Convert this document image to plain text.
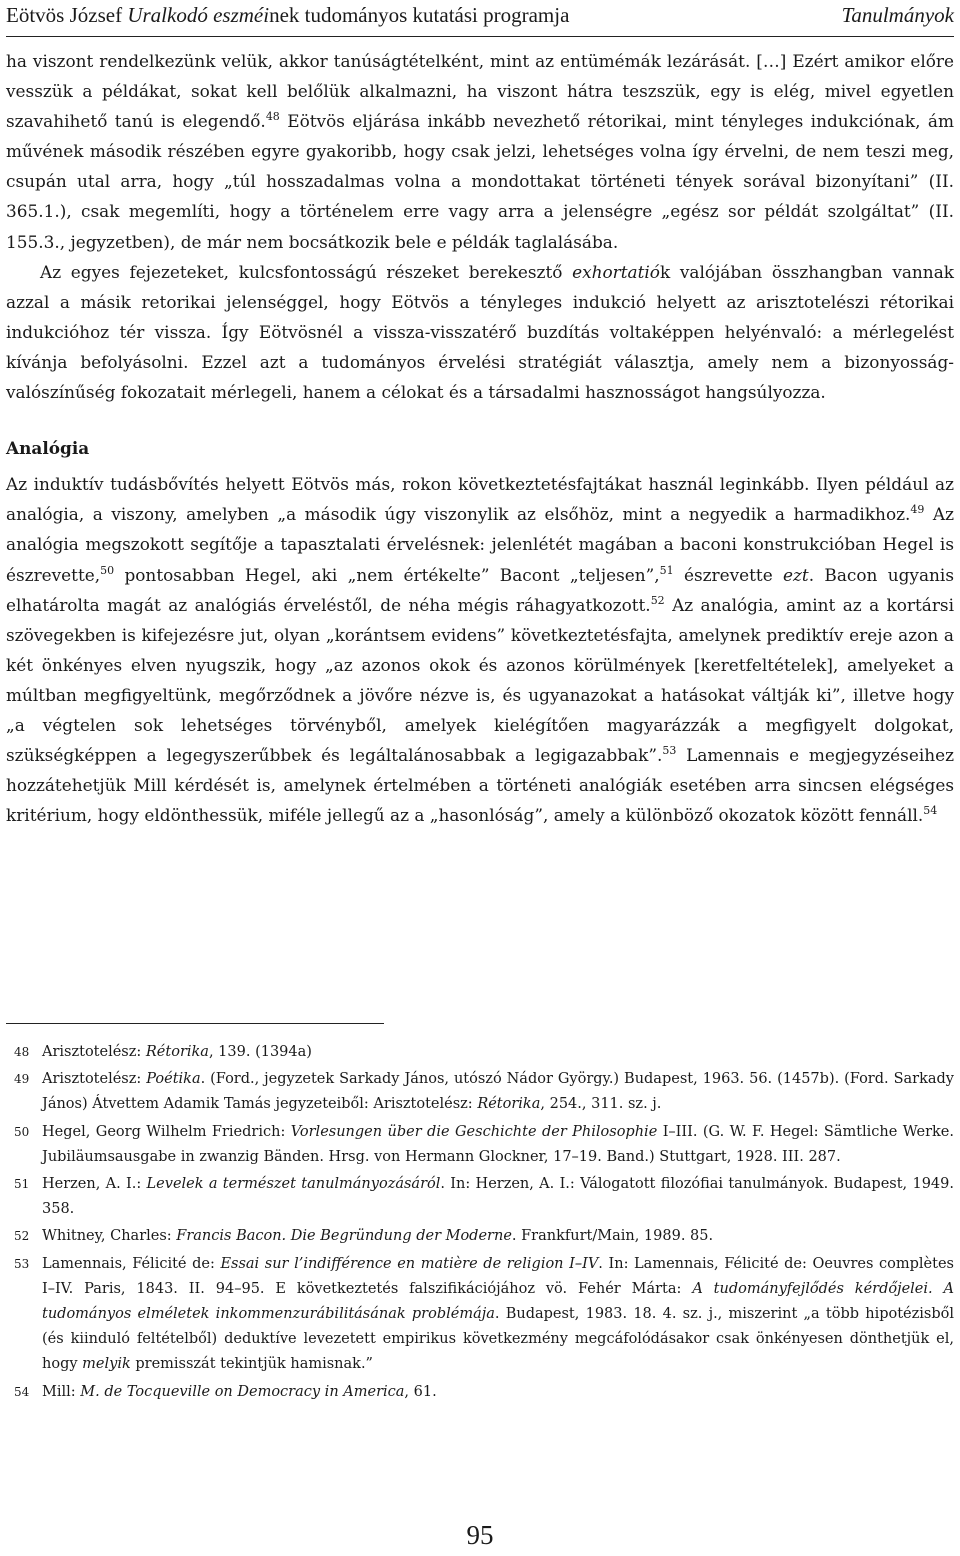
Eötvös József Uralkodó eszméinek tudományos kutatási programja	Tanulmányok

ha viszont rendelkezünk velük, akkor tanúságtételként, mint az entümémák lezárását. […] Ezért amikor előre vesszük a példákat, sokat kell belőlük alkalmazni, ha viszont hátra teszszük, egy is elég, mivel egyetlen szavahihető tanú is elegendő.$^{48}$ Eötvös eljárása inkább nevezhető rétorikai, mint tényleges indukciónak, ám művének második részében egyre gyakoribb, hogy csak jelzi, lehetséges volna így érvelni, de nem teszi meg, csupán utal arra, hogy „túl hosszadalmas volna a mondottakat történeti tények sorával bizonyítani” (II. 365.1.), csak megemlíti, hogy a történelem erre vagy arra a jelenségre „egész sor példát szolgáltat” (II. 155.3., jegyzetben), de már nem bocsátkozik bele e példák taglalásába.

Az egyes fejezeteket, kulcsfontosságú részeket berekesztő exhortatiók valójában összhangban vannak azzal a másik retorikai jelenséggel, hogy Eötvös a tényleges indukció helyett az arisztotelészi rétorikai indukcióhoz tér vissza. Így Eötvösnél a vissza-visszatérő buzdítás voltaképpen helyénvaló: a mérlegelést kívánja befolyásolni. Ezzel azt a tudományos érvelési stratégiát választja, amely nem a bizonyosság-valószínűség fokozatait mérlegeli, hanem a célokat és a társadalmi hasznosságot hangsúlyozza.

Analógia

Az induktív tudásbővítés helyett Eötvös más, rokon következtetésfajtákat használ leginkább. Ilyen például az analógia, a viszony, amelyben „a második úgy viszonylik az elsőhöz, mint a negyedik a harmadikhoz.$^{49}$ Az analógia megszokott segítője a tapasztalati érvelésnek: jelenlétét magában a baconi konstrukcióban Hegel is észrevette,$^{50}$ pontosabban Hegel, aki „nem értékelte” Bacont „teljesen”,$^{51}$ észrevette ezt. Bacon ugyanis elhatárolta magát az analógiás érveléstől, de néha mégis ráhagyatkozott.$^{52}$ Az analógia, amint az a kortársi szövegekben is kifejezésre jut, olyan „korántsem evidens” következtetésfajta, amelynek prediktív ereje azon a két önkényes elven nyugszik, hogy „az azonos okok és azonos körülmények [keretfeltételek], amelyeket a múltban megfigyeltünk, megőrződnek a jövőre nézve is, és ugyanazokat a hatásokat váltják ki”, illetve hogy „a végtelen sok lehetséges törvényből, amelyek kielégítően magyarázzák a megfigyelt dolgokat, szükségképpen a legegyszerűbbek és legáltalánosabbak a legigazabbak”.$^{53}$ Lamennais e megjegyzéseihez hozzátehetjük Mill kérdését is, amelynek értelmében a történeti analógiák esetében arra sincsen elégséges kritérium, hogy eldönthessük, miféle jellegű az a „hasonlóság”, amely a különböző okozatok között fennáll.$^{54}$

48 Arisztotelész: Rétorika, 139. (1394a)
49 Arisztotelész: Poétika. (Ford., jegyzetek Sarkady János, utószó Nádor György.) Budapest, 1963. 56. (1457b). (Ford. Sarkady János) Átvettem Adamik Tamás jegyzeteiből: Arisztotelész: Rétorika, 254., 311. sz. j.
50 Hegel, Georg Wilhelm Friedrich: Vorlesungen über die Geschichte der Philosophie I–III. (G. W. F. Hegel: Sämtliche Werke. Jubiläumsausgabe in zwanzig Bänden. Hrsg. von Hermann Glockner, 17–19. Band.) Stuttgart, 1928. III. 287.
51 Herzen, A. I.: Levelek a természet tanulmányozásáról. In: Herzen, A. I.: Válogatott filozófiai tanulmányok. Budapest, 1949. 358.
52 Whitney, Charles: Francis Bacon. Die Begründung der Moderne. Frankfurt/Main, 1989. 85.
53 Lamennais, Félicité de: Essai sur l’indifférence en matière de religion I–IV. In: Lamennais, Félicité de: Oeuvres complètes I–IV. Paris, 1843. II. 94–95. E következtetés falszifikációjához vö. Fehér Márta: A tudományfejlődés kérdőjelei. A tudományos elméletek inkommenzurábilitásának problémája. Budapest, 1983. 18. 4. sz. j., miszerint „a több hipotézisből (és kiinduló feltételből) deduktíve levezetett empirikus következmény megcáfolódásakor csak önkényesen dönthetjük el, hogy melyik premisszát tekintjük hamisnak.”
54 Mill: M. de Tocqueville on Democracy in America, 61.
95
